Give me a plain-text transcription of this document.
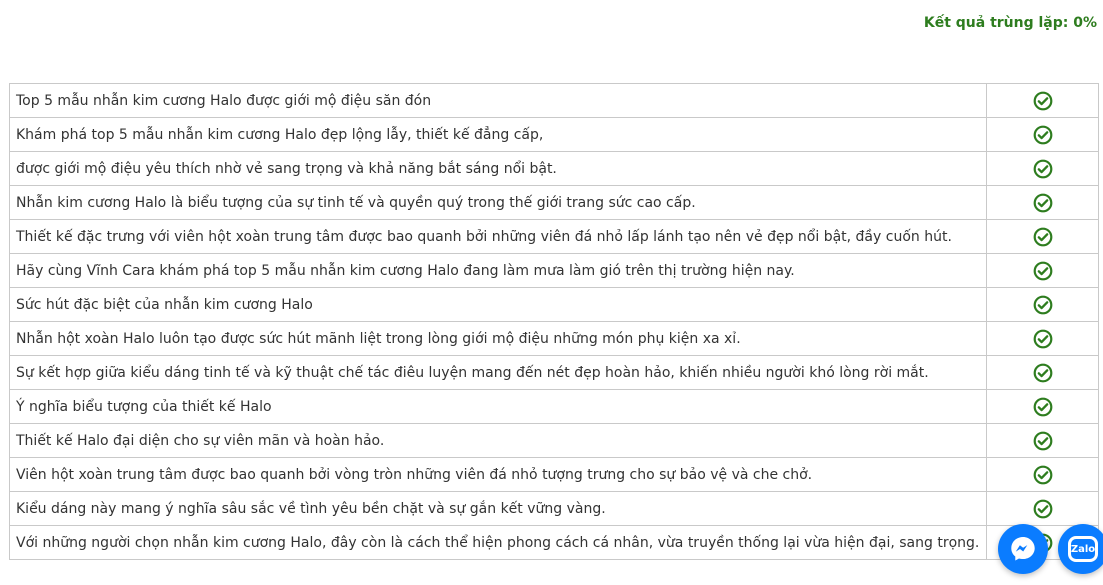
Kết quả trùng lặp: 0%
Top 5 mẫu nhẫn kim cương Halo được giới mộ điệu săn đón	
Khám phá top 5 mẫu nhẫn kim cương Halo đẹp lộng lẫy, thiết kế đẳng cấp,	
được giới mộ điệu yêu thích nhờ vẻ sang trọng và khả năng bắt sáng nổi bật.	
Nhẫn kim cương Halo là biểu tượng của sự tinh tế và quyền quý trong thế giới trang sức cao cấp.	
Thiết kế đặc trưng với viên hột xoàn trung tâm được bao quanh bởi những viên đá nhỏ lấp lánh tạo nên vẻ đẹp nổi bật, đầy cuốn hút.	
Hãy cùng Vĩnh Cara khám phá top 5 mẫu nhẫn kim cương Halo đang làm mưa làm gió trên thị trường hiện nay.	
Sức hút đặc biệt của nhẫn kim cương Halo	
Nhẫn hột xoàn Halo luôn tạo được sức hút mãnh liệt trong lòng giới mộ điệu những món phụ kiện xa xỉ.	
Sự kết hợp giữa kiểu dáng tinh tế và kỹ thuật chế tác điêu luyện mang đến nét đẹp hoàn hảo, khiến nhiều người khó lòng rời mắt.	
Ý nghĩa biểu tượng của thiết kế Halo	
Thiết kế Halo đại diện cho sự viên mãn và hoàn hảo.	
Viên hột xoàn trung tâm được bao quanh bởi vòng tròn những viên đá nhỏ tượng trưng cho sự bảo vệ và che chở.	
Kiểu dáng này mang ý nghĩa sâu sắc về tình yêu bền chặt và sự gắn kết vững vàng.	
Với những người chọn nhẫn kim cương Halo, đây còn là cách thể hiện phong cách cá nhân, vừa truyền thống lại vừa hiện đại, sang trọng.		Zalo
